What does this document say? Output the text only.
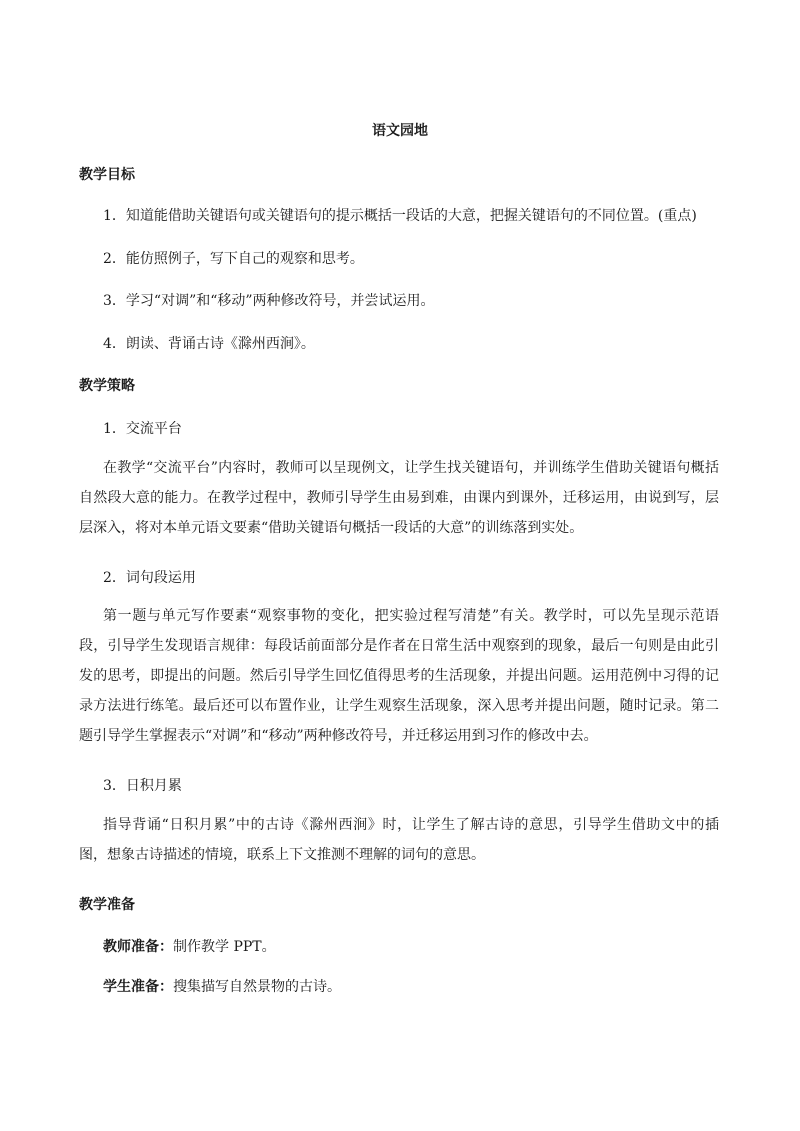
语文园地
教学目标
1．知道能借助关键语句或关键语句的提示概括一段话的大意，把握关键语句的不同位置。(重点)
2．能仿照例子，写下自己的观察和思考。
3．学习“对调”和“移动”两种修改符号，并尝试运用。
4．朗读、背诵古诗《滁州西涧》。
教学策略
1．交流平台
在教学“交流平台”内容时，教师可以呈现例文，让学生找关键语句，并训练学生借助关键语句概括自然段大意的能力。在教学过程中，教师引导学生由易到难，由课内到课外，迁移运用，由说到写，层层深入，将对本单元语文要素“借助关键语句概括一段话的大意”的训练落到实处。
2．词句段运用
第一题与单元写作要素“观察事物的变化，把实验过程写清楚”有关。教学时，可以先呈现示范语段，引导学生发现语言规律：每段话前面部分是作者在日常生活中观察到的现象，最后一句则是由此引发的思考，即提出的问题。然后引导学生回忆值得思考的生活现象，并提出问题。运用范例中习得的记录方法进行练笔。最后还可以布置作业，让学生观察生活现象，深入思考并提出问题，随时记录。第二题引导学生掌握表示“对调”和“移动”两种修改符号，并迁移运用到习作的修改中去。
3．日积月累
指导背诵“日积月累”中的古诗《滁州西涧》时，让学生了解古诗的意思，引导学生借助文中的插图，想象古诗描述的情境，联系上下文推测不理解的词句的意思。
教学准备
教师准备：制作教学 PPT。
学生准备：搜集描写自然景物的古诗。
